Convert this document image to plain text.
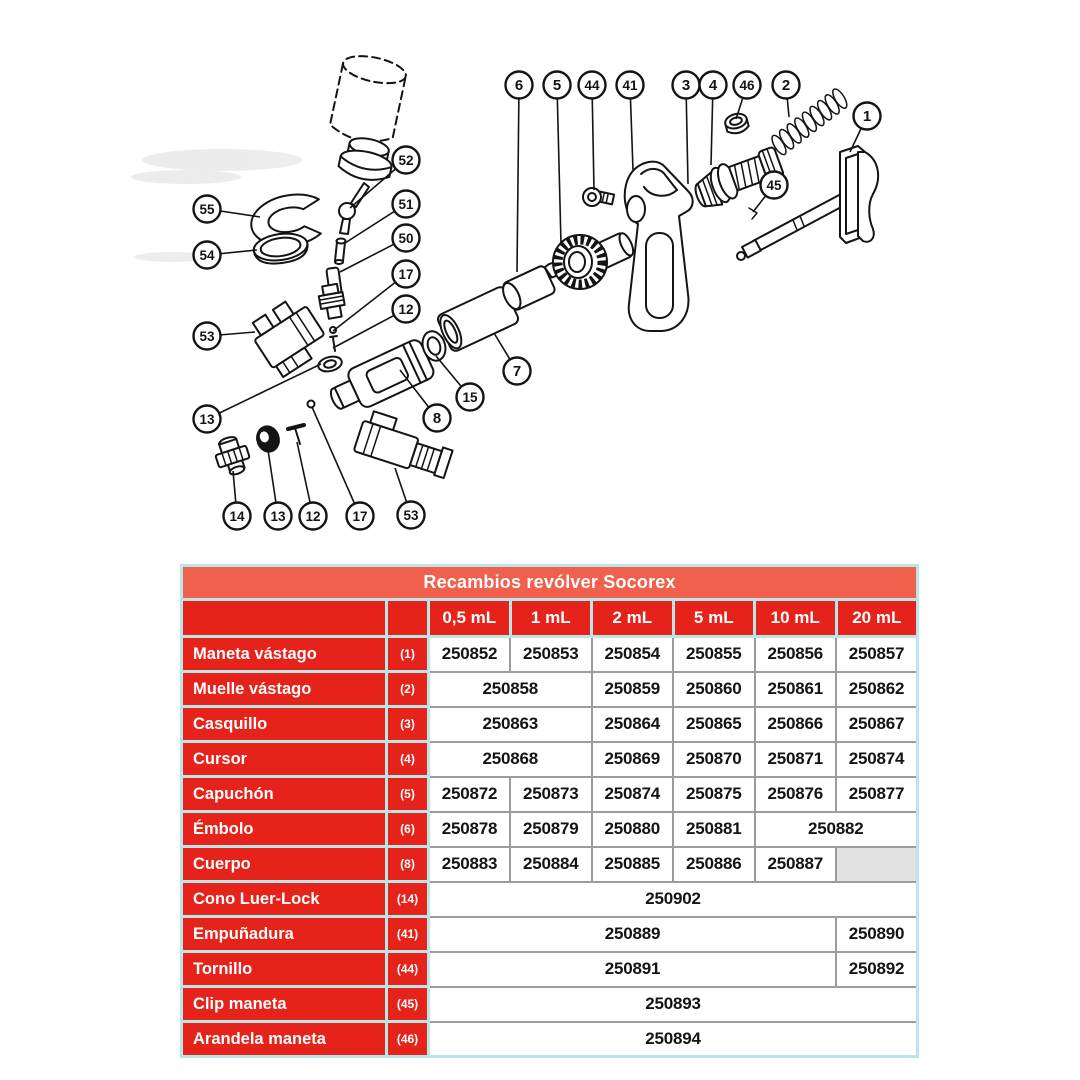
6 5 44 41	3 4 46 2
1
45
52
51
50
17
12
55
54
53
13
7
15
8
14 13 12 17	53
Recambios revólver Socorex							
		0,5 mL	1 mL	2 mL	5 mL	10 mL	20 mL
Maneta vástago	(1)	250852	250853	250854	250855	250856	250857
Muelle vástago	(2)	250858		250859	250860	250861	250862
Casquillo	(3)	250863		250864	250865	250866	250867
Cursor	(4)	250868		250869	250870	250871	250874
Capuchón	(5)	250872	250873	250874	250875	250876	250877
Émbolo	(6)	250878	250879	250880	250881	250882	
Cuerpo	(8)	250883	250884	250885	250886	250887	
Cono Luer-Lock	(14)	250902					
Empuñadura	(41)	250889					250890
Tornillo	(44)	250891					250892
Clip maneta	(45)	250893					
Arandela maneta	(46)	250894					
